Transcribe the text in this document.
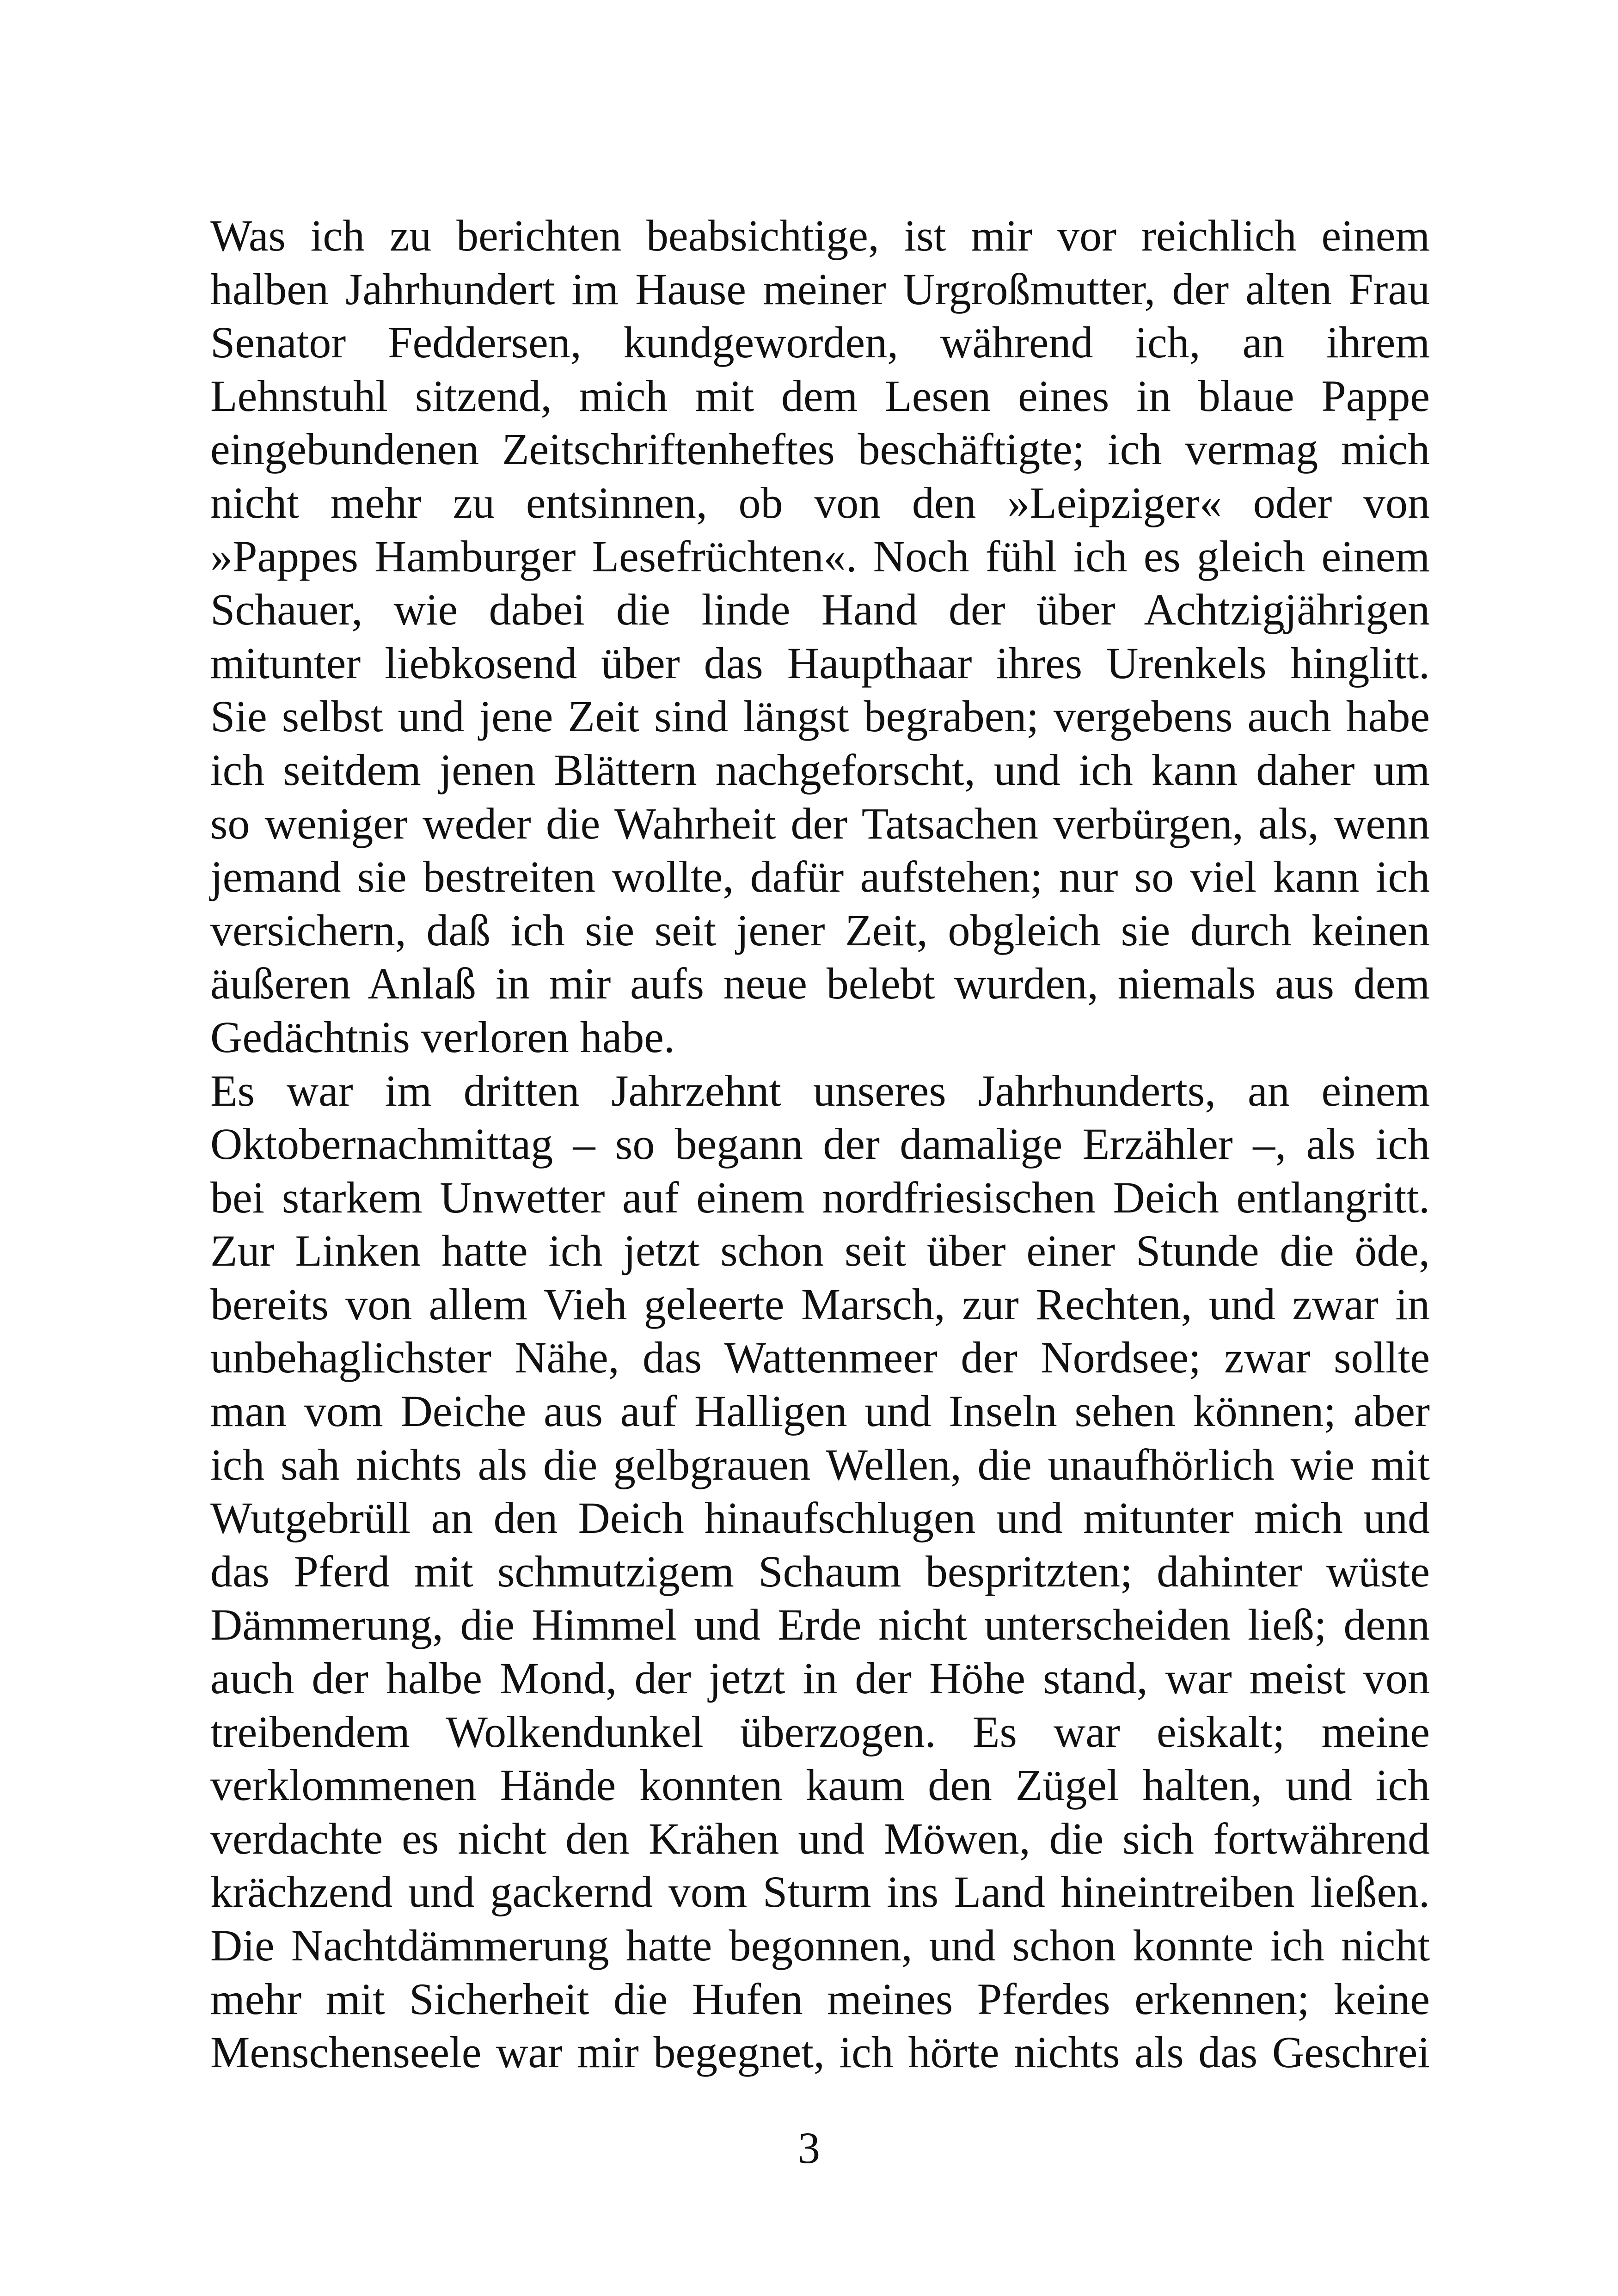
Was ich zu berichten beabsichtige, ist mir vor reichlich einem
halben Jahrhundert im Hause meiner Urgroßmutter, der alten Frau
Senator Feddersen, kundgeworden, während ich, an ihrem
Lehnstuhl sitzend, mich mit dem Lesen eines in blaue Pappe
eingebundenen Zeitschriftenheftes beschäftigte; ich vermag mich
nicht mehr zu entsinnen, ob von den »Leipziger« oder von
»Pappes Hamburger Lesefrüchten«. Noch fühl ich es gleich einem
Schauer, wie dabei die linde Hand der über Achtzigjährigen
mitunter liebkosend über das Haupthaar ihres Urenkels hinglitt.
Sie selbst und jene Zeit sind längst begraben; vergebens auch habe
ich seitdem jenen Blättern nachgeforscht, und ich kann daher um
so weniger weder die Wahrheit der Tatsachen verbürgen, als, wenn
jemand sie bestreiten wollte, dafür aufstehen; nur so viel kann ich
versichern, daß ich sie seit jener Zeit, obgleich sie durch keinen
äußeren Anlaß in mir aufs neue belebt wurden, niemals aus dem
Gedächtnis verloren habe.
Es war im dritten Jahrzehnt unseres Jahrhunderts, an einem
Oktobernachmittag – so begann der damalige Erzähler –, als ich
bei starkem Unwetter auf einem nordfriesischen Deich entlangritt.
Zur Linken hatte ich jetzt schon seit über einer Stunde die öde,
bereits von allem Vieh geleerte Marsch, zur Rechten, und zwar in
unbehaglichster Nähe, das Wattenmeer der Nordsee; zwar sollte
man vom Deiche aus auf Halligen und Inseln sehen können; aber
ich sah nichts als die gelbgrauen Wellen, die unaufhörlich wie mit
Wutgebrüll an den Deich hinaufschlugen und mitunter mich und
das Pferd mit schmutzigem Schaum bespritzten; dahinter wüste
Dämmerung, die Himmel und Erde nicht unterscheiden ließ; denn
auch der halbe Mond, der jetzt in der Höhe stand, war meist von
treibendem Wolkendunkel überzogen. Es war eiskalt; meine
verklommenen Hände konnten kaum den Zügel halten, und ich
verdachte es nicht den Krähen und Möwen, die sich fortwährend
krächzend und gackernd vom Sturm ins Land hineintreiben ließen.
Die Nachtdämmerung hatte begonnen, und schon konnte ich nicht
mehr mit Sicherheit die Hufen meines Pferdes erkennen; keine
Menschenseele war mir begegnet, ich hörte nichts als das Geschrei
3
